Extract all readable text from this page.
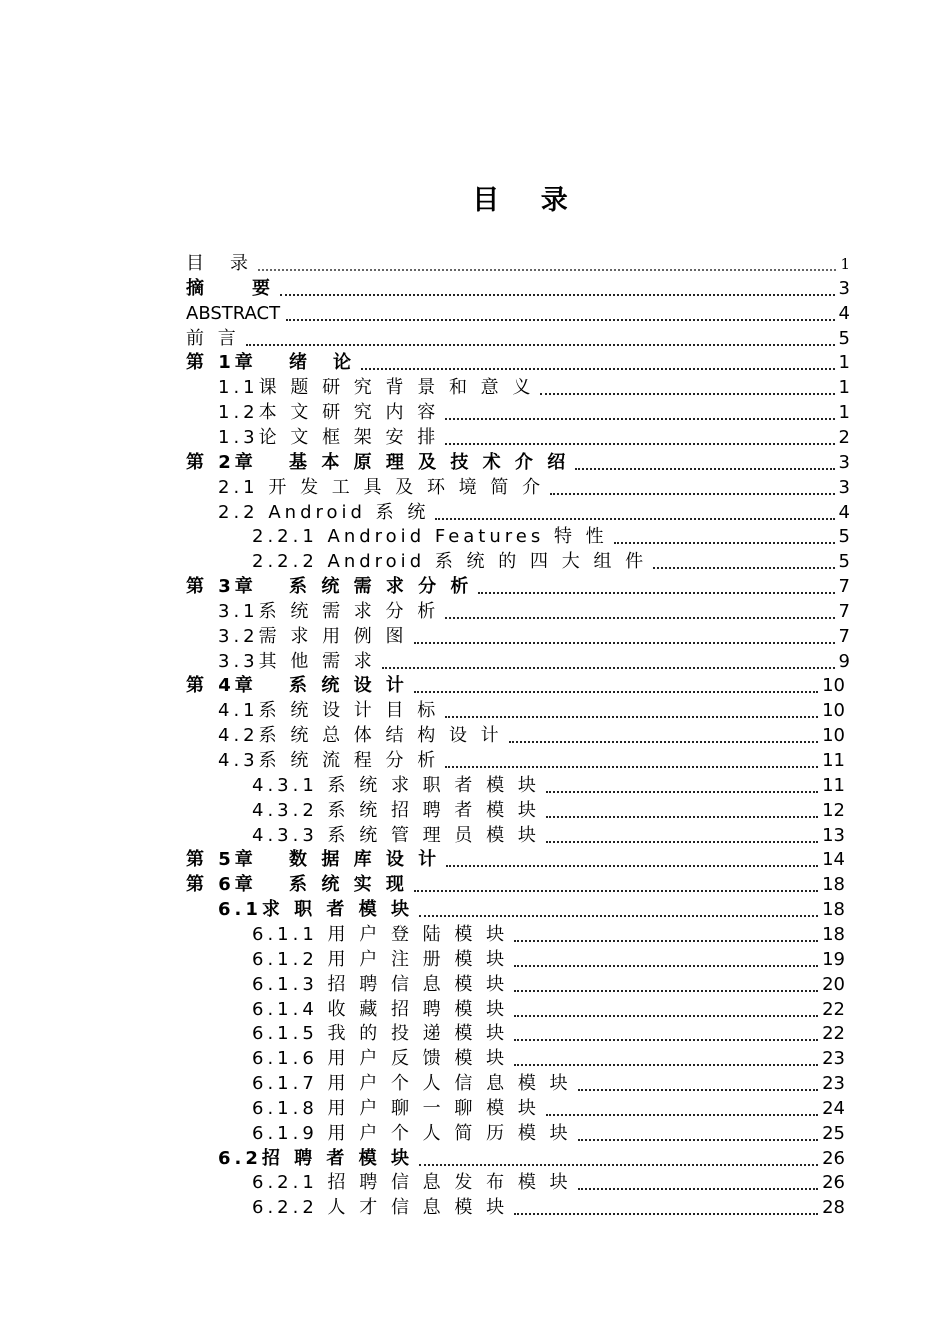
目 录
目　录	1
摘　　要	3
ABSTRACT	4
前 言	5
第 1章　 绪　论	1
1.1课 题 研 究 背 景 和 意 义	1
1.2本 文 研 究 内 容	1
1.3论 文 框 架 安 排	2
第 2章　 基 本 原 理 及 技 术 介 绍	3
2.1 开 发 工 具 及 环 境 简 介	3
2.2 Android 系 统	4
2.2.1 Android Features 特 性	5
2.2.2 Android 系 统 的 四 大 组 件	5
第 3章　 系 统 需 求 分 析	7
3.1系 统 需 求 分 析	7
3.2需 求 用 例 图	7
3.3其 他 需 求	9
第 4章　 系 统 设 计	10
4.1系 统 设 计 目 标	10
4.2系 统 总 体 结 构 设 计	10
4.3系 统 流 程 分 析	11
4.3.1 系 统 求 职 者 模 块	11
4.3.2 系 统 招 聘 者 模 块	12
4.3.3 系 统 管 理 员 模 块	13
第 5章　 数 据 库 设 计	14
第 6章　 系 统 实 现	18
6.1求 职 者 模 块	18
6.1.1 用 户 登 陆 模 块	18
6.1.2 用 户 注 册 模 块	19
6.1.3 招 聘 信 息 模 块	20
6.1.4 收 藏 招 聘 模 块	22
6.1.5 我 的 投 递 模 块	22
6.1.6 用 户 反 馈 模 块	23
6.1.7 用 户 个 人 信 息 模 块	23
6.1.8 用 户 聊 一 聊 模 块	24
6.1.9 用 户 个 人 简 历 模 块	25
6.2招 聘 者 模 块	26
6.2.1 招 聘 信 息 发 布 模 块	26
6.2.2 人 才 信 息 模 块	28
